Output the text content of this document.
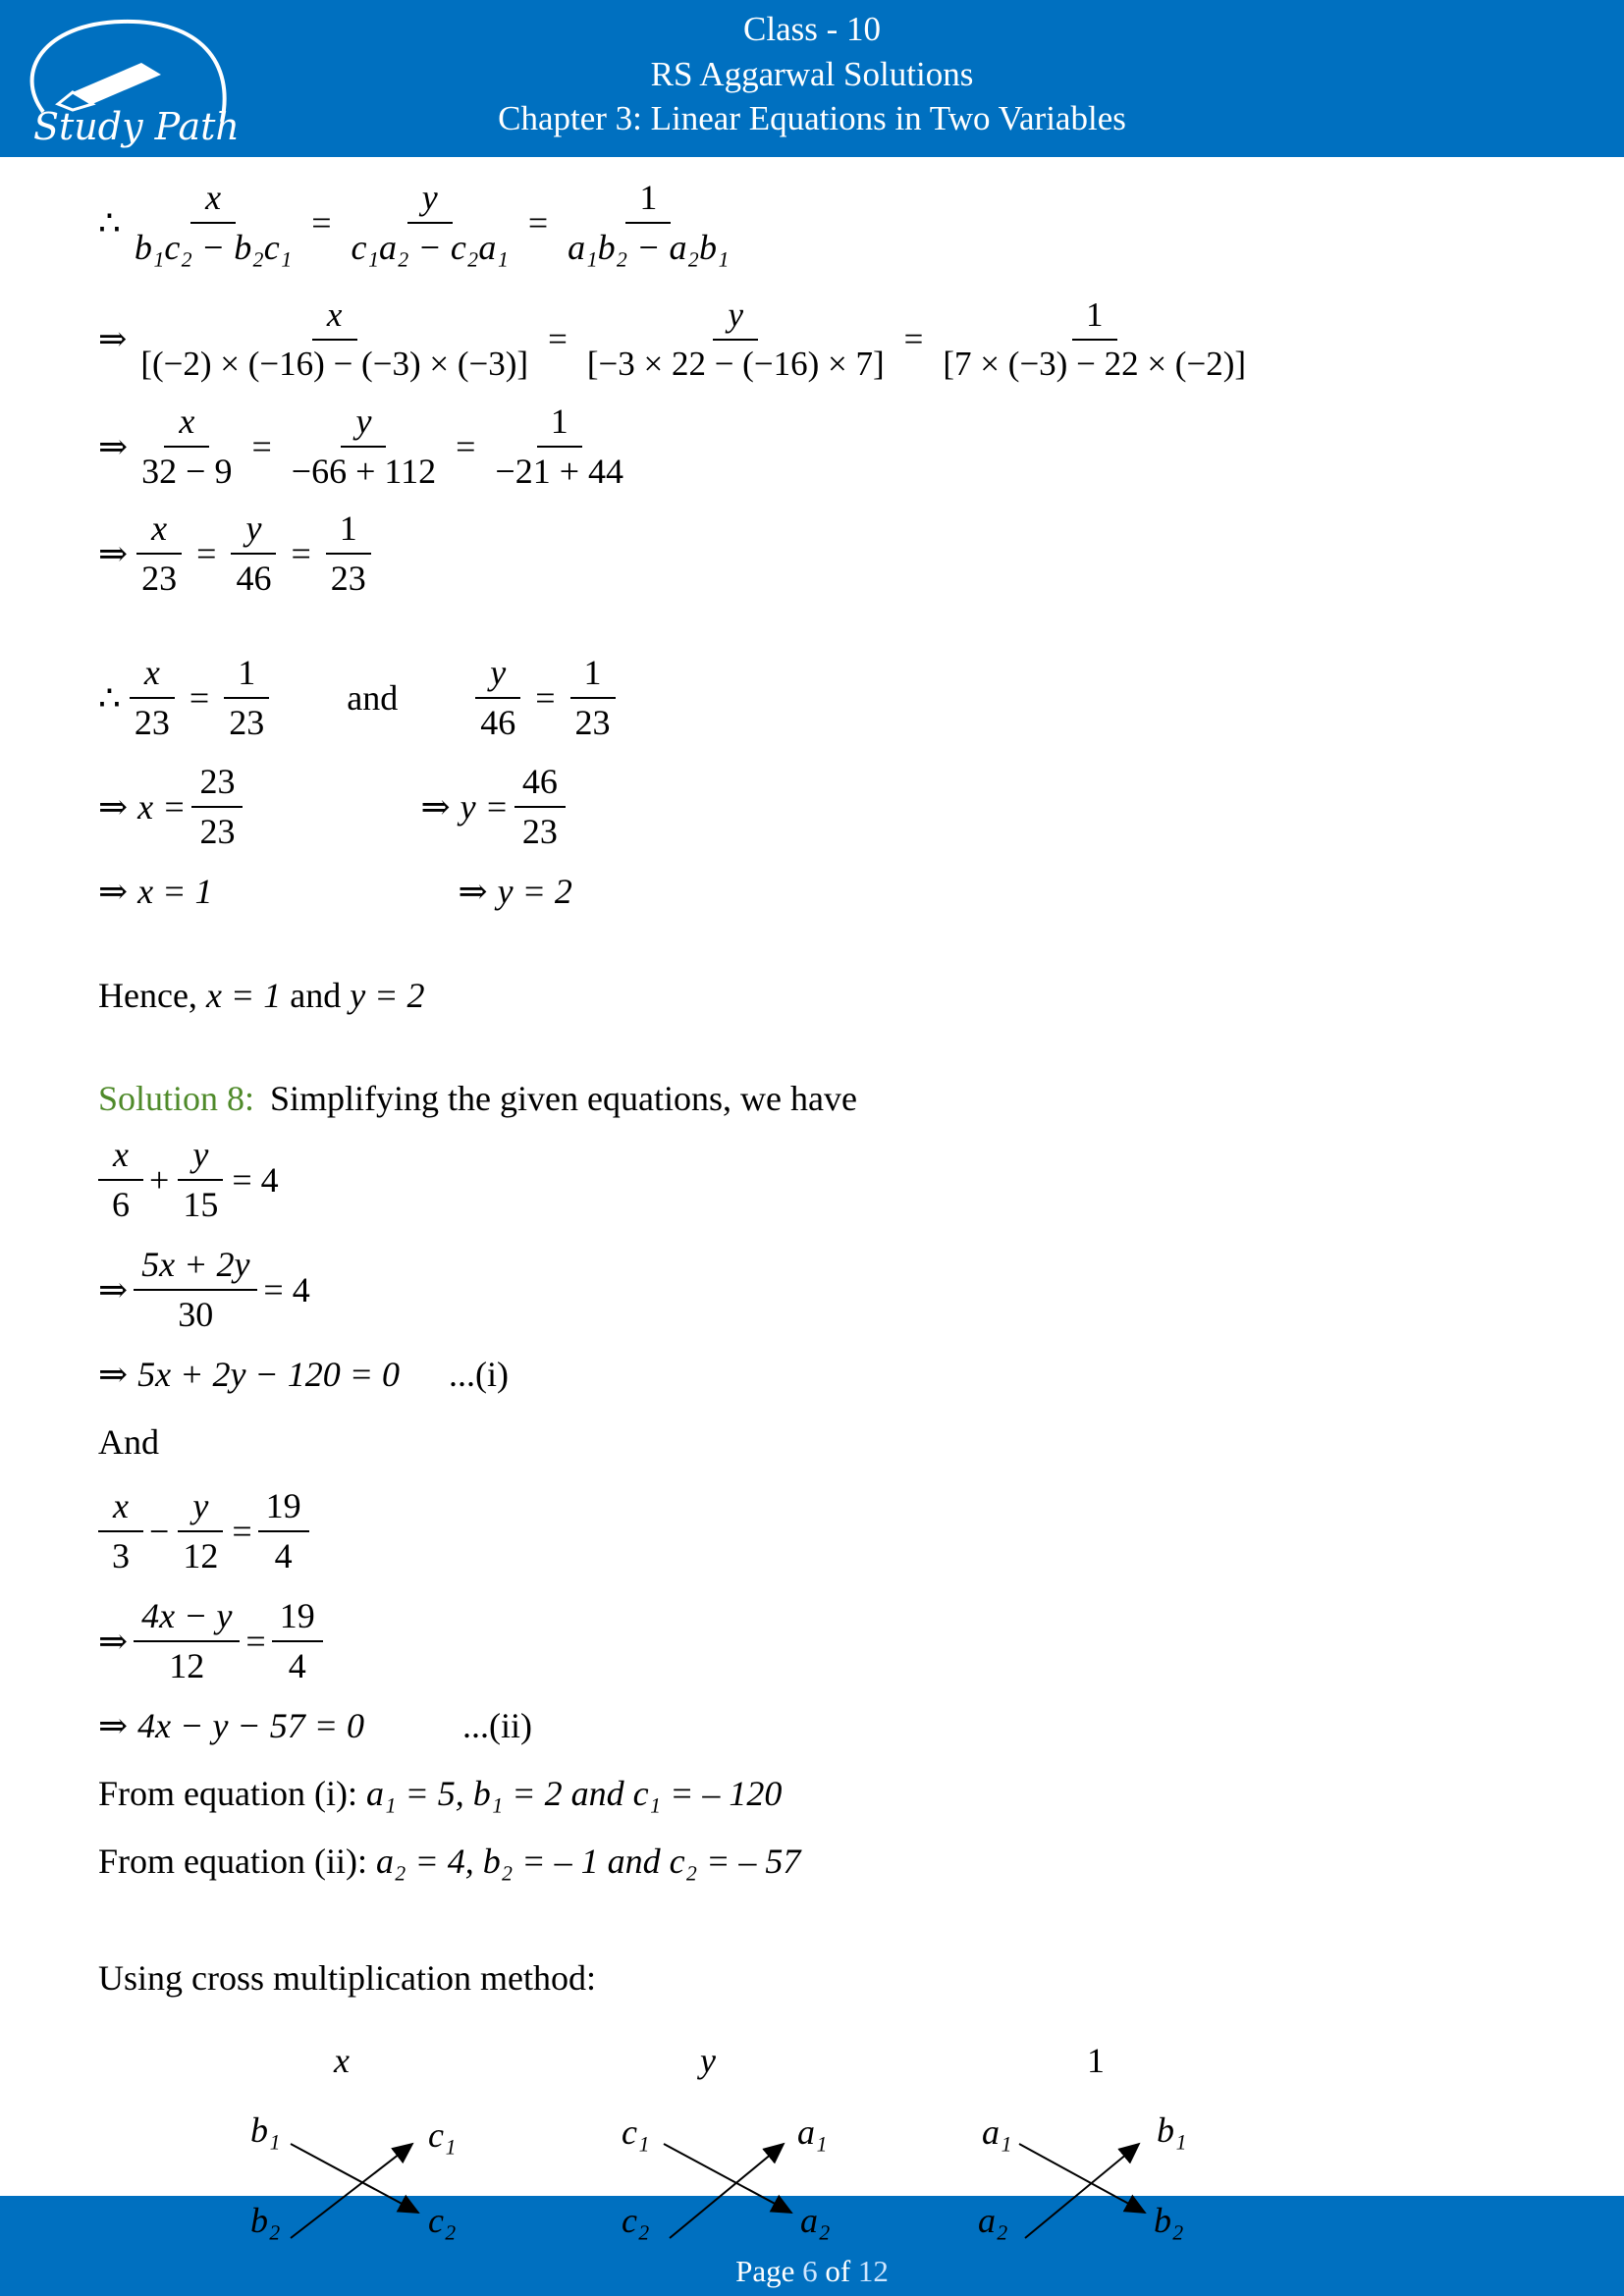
Study Path
Class - 10
RS Aggarwal Solutions
Chapter 3: Linear Equations in Two Variables
∴ $\frac{x}{\text{b₁c₂ − b₂c₁}} = \frac{y}{\text{c₁a₂ − c₂a₁}} = \frac{1}{\text{a₁b₂ − a₂b₁}}$
⇒ $\frac{x}{[(-2) \times (-16) - (-3) \times (-3)]} = \frac{y}{[-3 \times 22 - (-16) \times 7]} = \frac{1}{[7 \times (-3) - 22 \times (-2)]}$
⇒ $\frac{x}{32 - 9} = \frac{y}{-66 + 112} = \frac{1}{-21 + 44}$
⇒ $\frac{x}{23} = \frac{y}{46} = \frac{1}{23}$
∴ $\frac{x}{23} = \frac{1}{23}$ and $\frac{y}{46} = \frac{1}{23}$
⇒ $x = \frac{23}{23}$	⇒ $y = \frac{46}{23}$
⇒ x = 1	⇒ y = 2
Hence, x = 1 and y = 2
Solution 8: Simplifying the given equations, we have
$\frac{x}{6} + \frac{y}{15} = 4$
⇒ $\frac{5x + 2y}{30} = 4$
⇒ 5x + 2y − 120 = 0 ...(i)
And
$\frac{x}{3} - \frac{y}{12} = \frac{19}{4}$
⇒ $\frac{4x - y}{12} = \frac{19}{4}$
⇒ 4x − y − 57 = 0	...(ii)
From equation (i): a₁ = 5, b₁ = 2 and c₁ = – 120
From equation (ii): a₂ = 4, b₂ = – 1 and c₂ = – 57
Using cross multiplication method:
Page 6 of 12
x	y	1
b₁	c₁
b₂	c₂
c₁	a₁
c₂	a₂
a₁	b₁
a₂	b₂
